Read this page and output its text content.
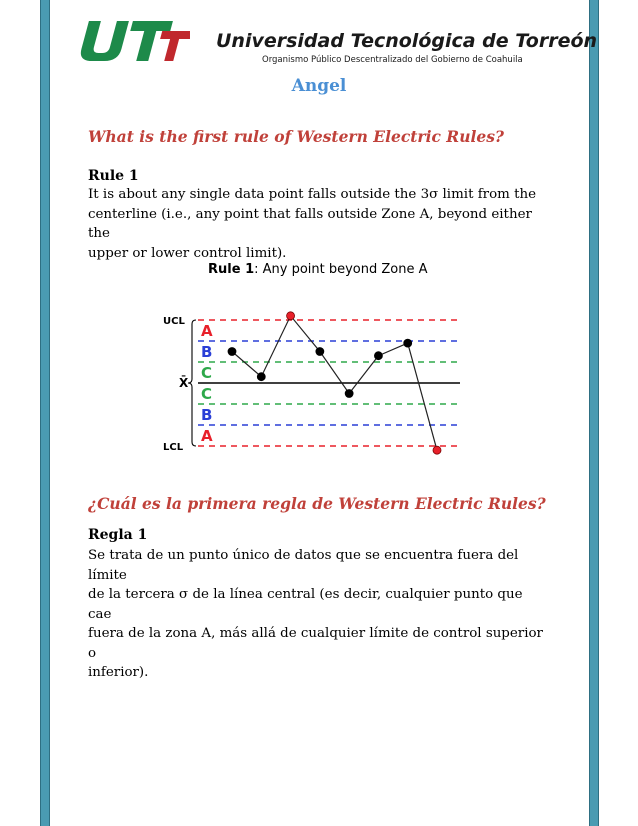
Universidad Tecnológica de Torreón
Organismo Público Descentralizado del Gobierno de Coahuila
Angel
What is the first rule of Western Electric Rules?
Rule 1
It is about any single data point falls outside the 3σ limit from the
centerline (i.e., any point that falls outside Zone A, beyond either the
upper or lower control limit).
Rule 1: Any point beyond Zone A
A
B
C
C
B
A
UCL
LCL
X̄
¿Cuál es la primera regla de Western Electric Rules?
Regla 1
Se trata de un punto único de datos que se encuentra fuera del límite
de la tercera σ de la línea central (es decir, cualquier punto que cae
fuera de la zona A, más allá de cualquier límite de control superior o
inferior).
